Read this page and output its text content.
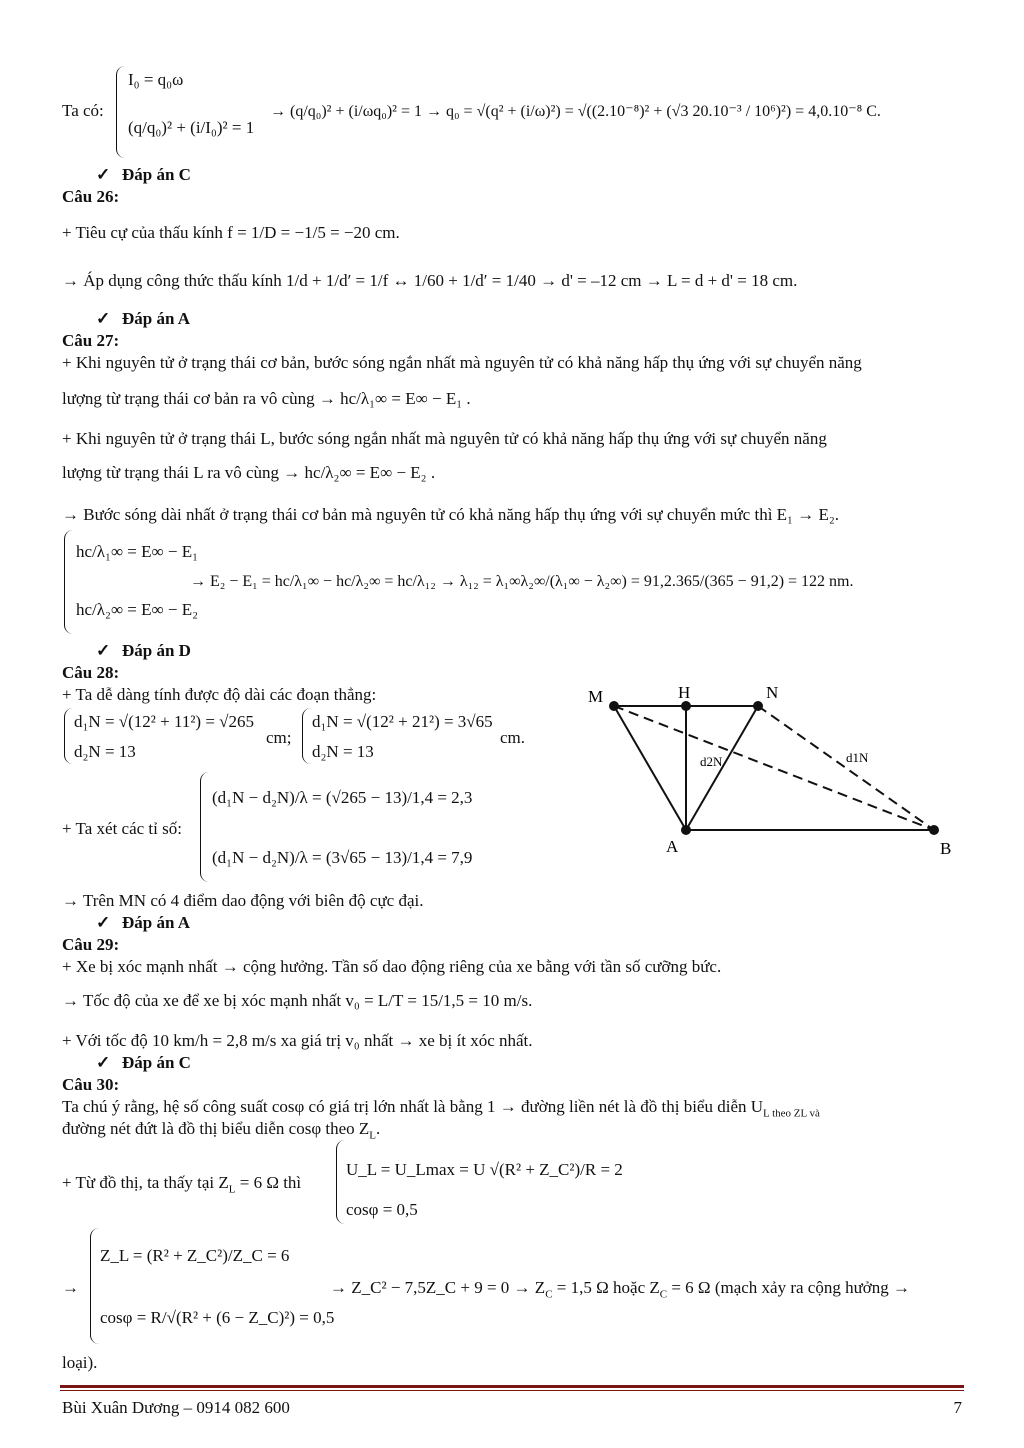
Ta có:
I₀ = q₀ω
(q/q₀)² + (i/I₀)² = 1
→ (q/q₀)² + (i/ωq₀)² = 1 → q₀ = √(q² + (i/ω)²) = √((2.10⁻⁸)² + (√3 20.10⁻³ / 10⁶)²) = 4,0.10⁻⁸ C.
✓ Đáp án C
Câu 26:
+ Tiêu cự của thấu kính f = 1/D = −1/5 = −20 cm.
→ Áp dụng công thức thấu kính 1/d + 1/d′ = 1/f ↔ 1/60 + 1/d′ = 1/40 → d' = –12 cm → L = d + d' = 18 cm.
✓ Đáp án A
Câu 27:
+ Khi nguyên tử ở trạng thái cơ bản, bước sóng ngắn nhất mà nguyên tử có khả năng hấp thụ ứng với sự chuyển năng
lượng từ trạng thái cơ bản ra vô cùng → hc/λ₁∞ = E∞ − E₁ .
+ Khi nguyên tử ở trạng thái L, bước sóng ngắn nhất mà nguyên tử có khả năng hấp thụ ứng với sự chuyển năng
lượng từ trạng thái L ra vô cùng → hc/λ₂∞ = E∞ − E₂ .
→ Bước sóng dài nhất ở trạng thái cơ bản mà nguyên tử có khả năng hấp thụ ứng với sự chuyển mức thì E₁ → E₂.
hc/λ₁∞ = E∞ − E₁
hc/λ₂∞ = E∞ − E₂
→ E₂ − E₁ = hc/λ₁∞ − hc/λ₂∞ = hc/λ₁₂ → λ₁₂ = λ₁∞λ₂∞/(λ₁∞ − λ₂∞) = 91,2.365/(365 − 91,2) = 122 nm.
✓ Đáp án D
Câu 28:
+ Ta dễ dàng tính được độ dài các đoạn thẳng:
d₁N = √(12² + 11²) = √265
d₂N = 13
cm;
d₁N = √(12² + 21²) = 3√65
d₂N = 13
cm.
+ Ta xét các tỉ số:
(d₁N − d₂N)/λ = (√265 − 13)/1,4 = 2,3
(d₁N − d₂N)/λ = (3√65 − 13)/1,4 = 7,9
→ Trên MN có 4 điểm dao động với biên độ cực đại.
✓ Đáp án A
M	H	N
A	B
d2N	d1N
Câu 29:
+ Xe bị xóc mạnh nhất → cộng hưởng. Tần số dao động riêng của xe bằng với tần số cưỡng bức.
→ Tốc độ của xe để xe bị xóc mạnh nhất v₀ = L/T = 15/1,5 = 10 m/s.
+ Với tốc độ 10 km/h = 2,8 m/s xa giá trị v₀ nhất → xe bị ít xóc nhất.
✓ Đáp án C
Câu 30:
Ta chú ý rằng, hệ số công suất cosφ có giá trị lớn nhất là bằng 1 → đường liền nét là đồ thị biểu diễn $U_{L theo ZL và}$
đường nét đứt là đồ thị biểu diễn cosφ theo $Z_L$.
+ Từ đồ thị, ta thấy tại $Z_L = 6$ Ω thì
U_L = U_Lmax = U √(R² + Z_C²)/R = 2
cosφ = 0,5
→
Z_L = (R² + Z_C²)/Z_C = 6
cosφ = R/√(R² + (6 − Z_C)²) = 0,5
→ Z_C² − 7,5Z_C + $9 = 0 \to Z_C = 1,5$ Ω hoặc $Z_C = 6$ Ω (mạch xảy ra cộng hưởng →
loại).
Bùi Xuân Dương – 0914 082 600	7
